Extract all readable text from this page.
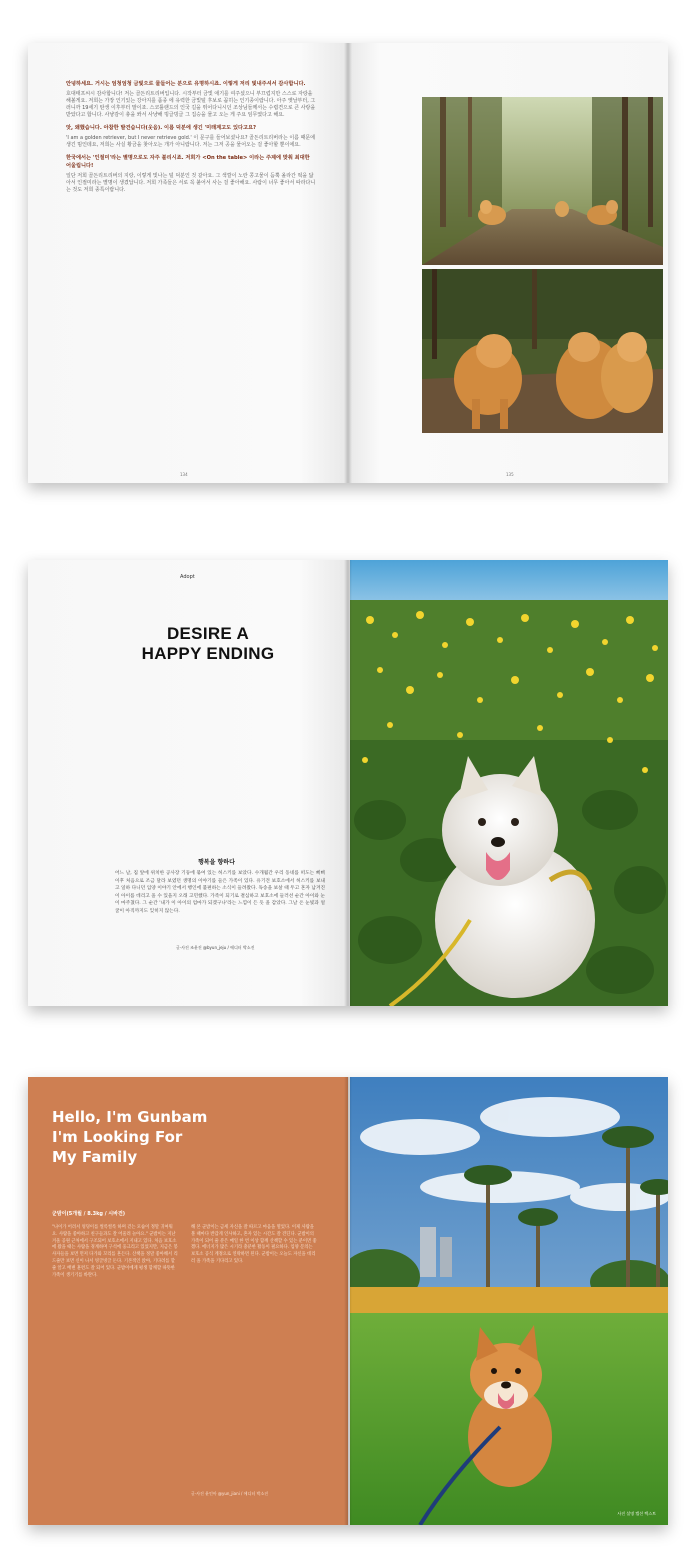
안녕하세요. 거시는 엄청엄청 금빛으로 물들어는 분으로 유명하시죠. 이렇게 저리 빛내주셔서 감사합니다.

호대태프씨시 감사합니다! 저는 골든리트리버입니다. 시작부터 금빛 애기를 여주셨으니 부끄럽지만 스스로 자랑을 해볼게요. 저희는 가장 인기있는 강아지를 품종 에 유력한 금빛털 후보로 꼽히는 인기종이랍니다. 아주 옛날부터, 그러니까 19세기 탄생 이후부터 말이죠. 스코틀랜드의 인국 길을 뛰어다니시던 조상님들께서는 수렵견으로 큰 사랑을 받았다고 합니다. 사냥감이 총을 쏴서 사냥해 빙글빙글 그 집승을 물고 오는 게 주요 임무였다고 해요.

앗, 왜했습니다. 아참한 발견습니다(웃음). 이름 덕분에 생긴 '미래계고도 있다고요?

'I am a golden retriever, but I never retrieve gold.' 이 문구를 들어보셨나요? 골든리트리버라는 이름 때문에 생긴 밈인데요, 저희는 사실 황금을 찾아오는 개가 아니랍니다. 저는 그저 공을 물어오는 걸 좋아할 뿐이에요.

한국에서는 '인절미'라는 별명으로도 자주 불리시죠. 저희가 <On the table> 이라는 주제에 맞춰 최대한 어울립니다!

일단 저희 골든리트리버의 지랑, 이렇게 빛나는 털 덕분인 것 같아요. 그 색깔이 노란 콩고물이 듬뿍 올라간 떡을 닮아서 인절미라는 별명이 생겼답니다. 저희 가족들은 서로 꼭 붙어서 사는 걸 좋아해요. 사람이 너무 좋아서 따라다니는 것도 저희 종특이랍니다.

134	135
Adopt
DESIRE A
HAPPY ENDING
행복을 향하다
어느 날, 집 앞에 위치한 공사장 기둥에 묶여 있는 허스키를 보았다. 수개월간 우리 동네를 떠도는 삐삐 이후 처음으로 조금 달라 보였던 생명의 이야기를 들은 가족이 있다. 유기견 보호소에서 허스키를 보내고 일하 다니던 입양 이야기 안에서 행인에 불편하는 소식이 들려왔다. 독송을 보살 때 두고 혼자 남겨진 이 아이를 데리고 올 수 있을지 오래 고민했다. 가족이 되기로 결심하고 보호소에 들러선 순간 아이와 눈이 마주쳤다. 그 순간 '내가 이 아이의 엄마가 되겠구나'라는 느낌이 든 듯 올 감았다. 그날 온 눈빛과 얼굴이 아직까지도 잊히지 않는다.
글·사진 조윤진 @byun_jeju / 에디터 박소진
Hello, I'm Gunbam
I'm Looking For
My Family
군밤이(5개월 / 8.3kg / 시바견)
"나이가 어려서 엉덩이를 씰룩씰룩 하며 걷는 모습이 정말 귀여워요. 사람을 좋아하고 친구들과도 잘 어울려 놀아요." 군밤이는 지난 겨울 공원 근처에서 구조되어 보호소에서 지내고 있다. 처음 보호소에 왔을 때는 사람을 경계하며 구석에 웅크리고 있었지만, 지금은 봉사자들을 보면 먼저 다가와 꼬리를 흔든다. 산책을 정말 좋아해서 리드줄만 보면 신이 나서 빙글빙글 돈다. 기본적인 앉아, 기다려를 할 줄 알고 배변 훈련도 잘 되어 있다. 군밤이에게 평생 함께할 따뜻한 가족이 생기기를 바란다.
해 본 군밤이는 금세 자신을 잘 따르고 마음을 열었다. 이제 사람을 볼 때마다 반갑게 인사하고, 혼자 있는 시간도 잘 견딘다. 군밤이의 가족이 되어 줄 분은 매일 한 번 이상 함께 산책할 수 있는 분이면 좋겠다. 에너지가 많은 시기라 충분한 활동이 필요하다. 입양 문의는 보호소 공식 계정으로 연락하면 된다. 군밤이는 오늘도 자신을 데리러 올 가족을 기다리고 있다.
글·사진 윤인아 @yun_jiani / 에디터 박소진
사진 설명 캡션 텍스트
